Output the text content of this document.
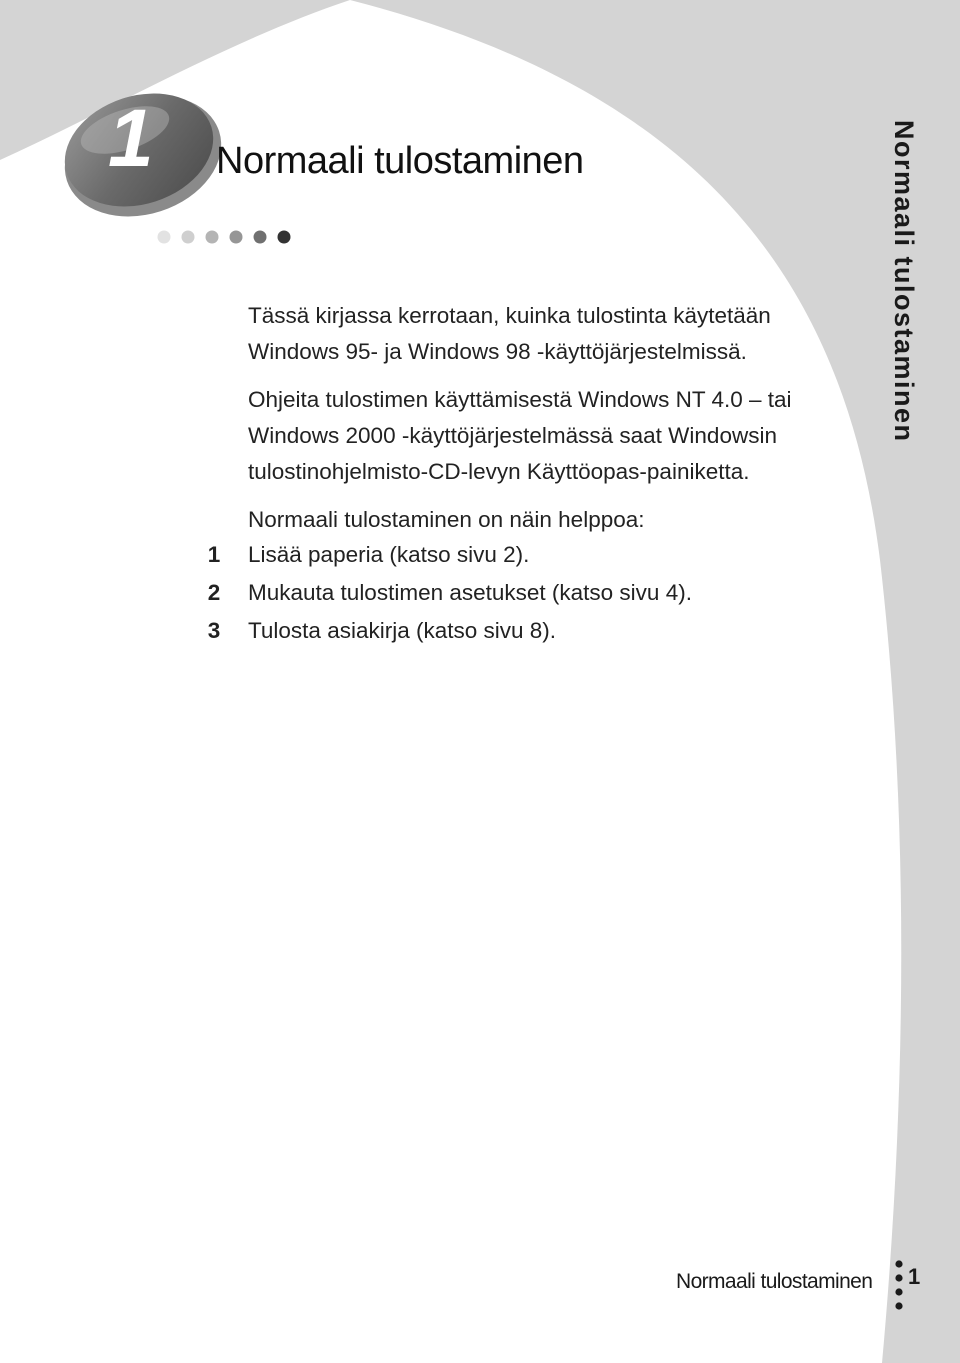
1 Normaali tulostaminen

Tässä kirjassa kerrotaan, kuinka tulostinta käytetään Windows 95- ja Windows 98 -käyttöjärjestelmissä.

Ohjeita tulostimen käyttämisestä Windows NT 4.0 – tai Windows 2000 -käyttöjärjestelmässä saat Windowsin tulostinohjelmisto-CD-levyn Käyttöopas-painiketta.

Normaali tulostaminen on näin helppoa:

1 Lisää paperia (katso sivu 2).
2 Mukauta tulostimen asetukset (katso sivu 4).
3 Tulosta asiakirja (katso sivu 8).
Normaali tulostaminen
Normaali tulostaminen 1
